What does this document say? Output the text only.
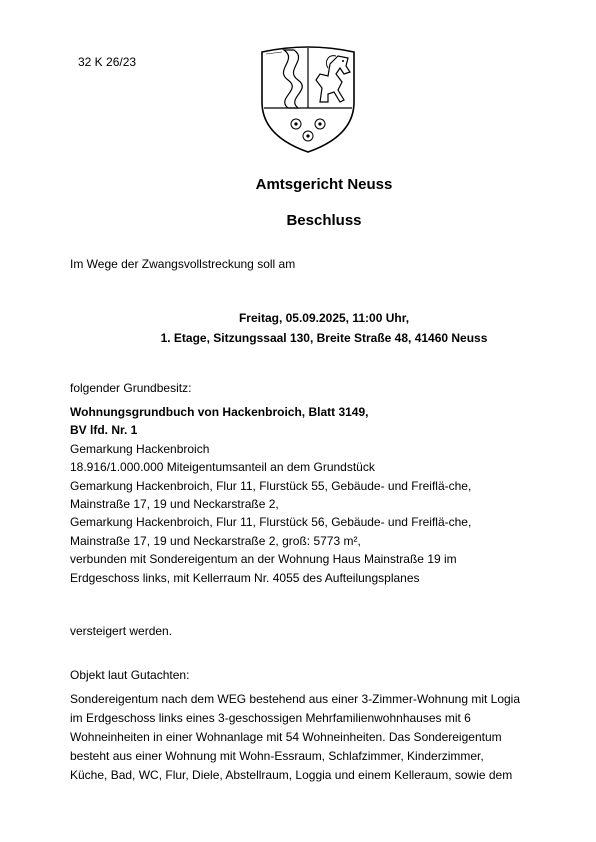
32 K 26/23
Amtsgericht Neuss
Beschluss
Im Wege der Zwangsvollstreckung soll am
Freitag, 05.09.2025, 11:00 Uhr,
1. Etage, Sitzungssaal 130, Breite Straße 48, 41460 Neuss
folgender Grundbesitz:
Wohnungsgrundbuch von Hackenbroich, Blatt 3149,
BV lfd. Nr. 1
Gemarkung Hackenbroich
18.916/1.000.000 Miteigentumsanteil an dem Grundstück
Gemarkung Hackenbroich, Flur 11, Flurstück 55, Gebäude- und Freiflä-che,
Mainstraße 17, 19 und Neckarstraße 2,
Gemarkung Hackenbroich, Flur 11, Flurstück 56, Gebäude- und Freiflä-che,
Mainstraße 17, 19 und Neckarstraße 2, groß: 5773 m²,
verbunden mit Sondereigentum an der Wohnung Haus Mainstraße 19 im
Erdgeschoss links, mit Kellerraum Nr. 4055 des Aufteilungsplanes
versteigert werden.
Objekt laut Gutachten:
Sondereigentum nach dem WEG bestehend aus einer 3-Zimmer-Wohnung mit Logia
im Erdgeschoss links eines 3-geschossigen Mehrfamilienwohnhauses mit 6
Wohneinheiten in einer Wohnanlage mit 54 Wohneinheiten. Das Sondereigentum
besteht aus einer Wohnung mit Wohn-Essraum, Schlafzimmer, Kinderzimmer,
Küche, Bad, WC, Flur, Diele, Abstellraum, Loggia und einem Kelleraum, sowie dem
